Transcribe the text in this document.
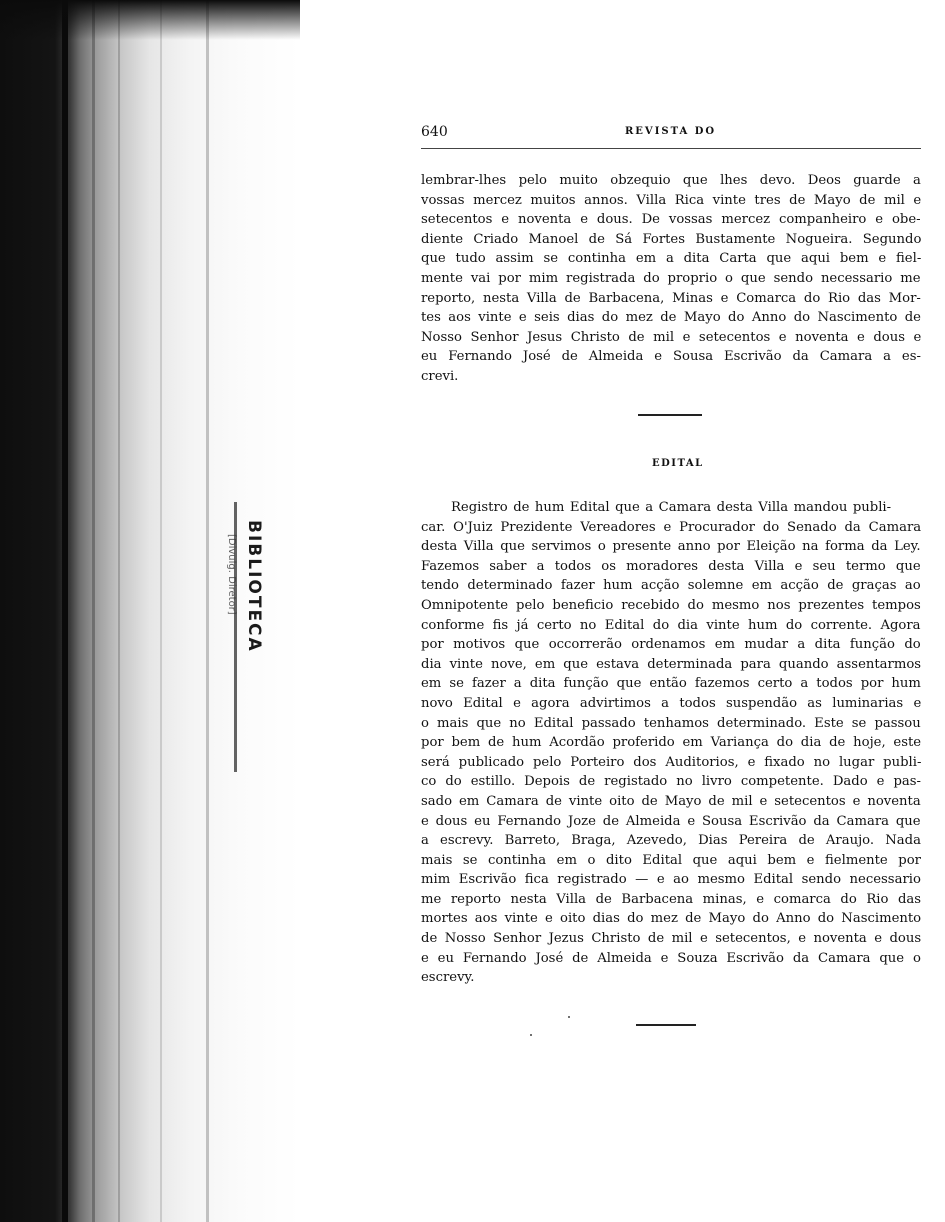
BIBLIOTECA
[Divulg. Diretor]
640	REVISTA DO
lembrar-lhes pelo muito obzequio que lhes devo. Deos guarde a
vossas mercez muitos annos. Villa Rica vinte tres de Mayo de mil e
setecentos e noventa e dous. De vossas mercez companheiro e obe-
diente Criado Manoel de Sá Fortes Bustamente Nogueira. Segundo
que tudo assim se continha em a dita Carta que aqui bem e fiel-
mente vai por mim registrada do proprio o que sendo necessario me
reporto, nesta Villa de Barbacena, Minas e Comarca do Rio das Mor-
tes aos vinte e seis dias do mez de Mayo do Anno do Nascimento de
Nosso Senhor Jesus Christo de mil e setecentos e noventa e dous e
eu Fernando José de Almeida e Sousa Escrivão da Camara a es-
crevi.
EDITAL
Registro de hum Edital que a Camara desta Villa mandou publi-
car. O'Juiz Prezidente Vereadores e Procurador do Senado da Camara
desta Villa que servimos o presente anno por Eleição na forma da Ley.
Fazemos saber a todos os moradores desta Villa e seu termo que
tendo determinado fazer hum acção solemne em acção de graças ao
Omnipotente pelo beneficio recebido do mesmo nos prezentes tempos
conforme fis já certo no Edital do dia vinte hum do corrente. Agora
por motivos que occorrerão ordenamos em mudar a dita função do
dia vinte nove, em que estava determinada para quando assentarmos
em se fazer a dita função que então fazemos certo a todos por hum
novo Edital e agora advirtimos a todos suspendão as luminarias e
o mais que no Edital passado tenhamos determinado. Este se passou
por bem de hum Acordão proferido em Variança do dia de hoje, este
será publicado pelo Porteiro dos Auditorios, e fixado no lugar publi-
co do estillo. Depois de registado no livro competente. Dado e pas-
sado em Camara de vinte oito de Mayo de mil e setecentos e noventa
e dous eu Fernando Joze de Almeida e Sousa Escrivão da Camara que
a escrevy. Barreto, Braga, Azevedo, Dias Pereira de Araujo. Nada
mais se continha em o dito Edital que aqui bem e fielmente por
mim Escrivão fica registrado — e ao mesmo Edital sendo necessario
me reporto nesta Villa de Barbacena minas, e comarca do Rio das
mortes aos vinte e oito dias do mez de Mayo do Anno do Nascimento
de Nosso Senhor Jezus Christo de mil e setecentos, e noventa e dous
e eu Fernando José de Almeida e Souza Escrivão da Camara que o
escrevy.
